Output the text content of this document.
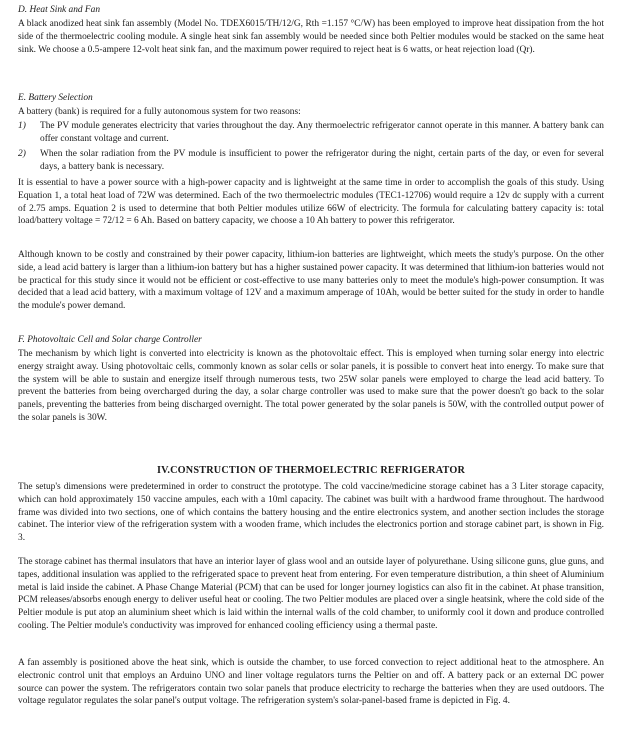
D. Heat Sink and Fan

A black anodized heat sink fan assembly (Model No. TDEX6015/TH/12/G, Rth =1.157 °C/W) has been employed to improve heat dissipation from the hot side of the thermoelectric cooling module. A single heat sink fan assembly would be needed since both Peltier modules would be stacked on the same heat sink. We choose a 0.5-ampere 12-volt heat sink fan, and the maximum power required to reject heat is 6 watts, or heat rejection load (Qr).

E. Battery Selection

A battery (bank) is required for a fully autonomous system for two reasons:

1) The PV module generates electricity that varies throughout the day. Any thermoelectric refrigerator cannot operate in this manner. A battery bank can offer constant voltage and current.
2) When the solar radiation from the PV module is insufficient to power the refrigerator during the night, certain parts of the day, or even for several days, a battery bank is necessary.

It is essential to have a power source with a high-power capacity and is lightweight at the same time in order to accomplish the goals of this study. Using Equation 1, a total heat load of 72W was determined. Each of the two thermoelectric modules (TEC1-12706) would require a 12v dc supply with a current of 2.75 amps. Equation 2 is used to determine that both Peltier modules utilize 66W of electricity. The formula for calculating battery capacity is: total load/battery voltage = 72/12 = 6 Ah. Based on battery capacity, we choose a 10 Ah battery to power this refrigerator.

Although known to be costly and constrained by their power capacity, lithium-ion batteries are lightweight, which meets the study's purpose. On the other side, a lead acid battery is larger than a lithium-ion battery but has a higher sustained power capacity. It was determined that lithium-ion batteries would not be practical for this study since it would not be efficient or cost-effective to use many batteries only to meet the module's high-power consumption. It was decided that a lead acid battery, with a maximum voltage of 12V and a maximum amperage of 10Ah, would be better suited for the study in order to handle the module's power demand.

F. Photovoltaic Cell and Solar charge Controller

The mechanism by which light is converted into electricity is known as the photovoltaic effect. This is employed when turning solar energy into electric energy straight away. Using photovoltaic cells, commonly known as solar cells or solar panels, it is possible to convert heat into energy. To make sure that the system will be able to sustain and energize itself through numerous tests, two 25W solar panels were employed to charge the lead acid battery. To prevent the batteries from being overcharged during the day, a solar charge controller was used to make sure that the power doesn't go back to the solar panels, preventing the batteries from being discharged overnight. The total power generated by the solar panels is 50W, with the controlled output power of the solar panels is 30W.

IV.CONSTRUCTION OF THERMOELECTRIC REFRIGERATOR

The setup's dimensions were predetermined in order to construct the prototype. The cold vaccine/medicine storage cabinet has a 3 Liter storage capacity, which can hold approximately 150 vaccine ampules, each with a 10ml capacity. The cabinet was built with a hardwood frame throughout. The hardwood frame was divided into two sections, one of which contains the battery housing and the entire electronics system, and another section includes the storage cabinet. The interior view of the refrigeration system with a wooden frame, which includes the electronics portion and storage cabinet part, is shown in Fig. 3.

The storage cabinet has thermal insulators that have an interior layer of glass wool and an outside layer of polyurethane. Using silicone guns, glue guns, and tapes, additional insulation was applied to the refrigerated space to prevent heat from entering. For even temperature distribution, a thin sheet of Aluminium metal is laid inside the cabinet. A Phase Change Material (PCM) that can be used for longer journey logistics can also fit in the cabinet. At phase transition, PCM releases/absorbs enough energy to deliver useful heat or cooling. The two Peltier modules are placed over a single heatsink, where the cold side of the Peltier module is put atop an aluminium sheet which is laid within the internal walls of the cold chamber, to uniformly cool it down and produce controlled cooling. The Peltier module's conductivity was improved for enhanced cooling efficiency using a thermal paste.

A fan assembly is positioned above the heat sink, which is outside the chamber, to use forced convection to reject additional heat to the atmosphere. An electronic control unit that employs an Arduino UNO and liner voltage regulators turns the Peltier on and off. A battery pack or an external DC power source can power the system. The refrigerators contain two solar panels that produce electricity to recharge the batteries when they are used outdoors. The voltage regulator regulates the solar panel's output voltage. The refrigeration system's solar-panel-based frame is depicted in Fig. 4.
